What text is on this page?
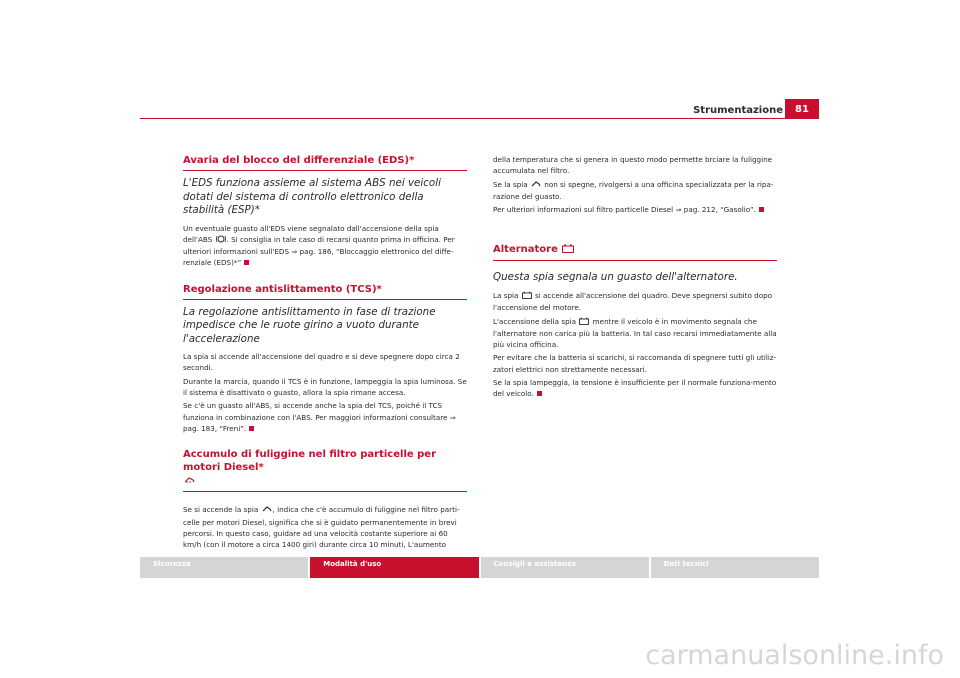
Strumentazione	81
Avaria del blocco del differenziale (EDS)*
L'EDS funziona assieme al sistema ABS nei veicoli dotati del sistema di controllo elettronico della stabilità (ESP)*
Un eventuale guasto all'EDS viene segnalato dall'accensione della spia dell'ABS . Si consiglia in tale caso di recarsi quanto prima in officina. Per ulteriori informazioni sull'EDS ⇒ pag. 186, “Bloccaggio elettronico del diffe-renziale (EDS)*”
Regolazione antislittamento (TCS)*
La regolazione antislittamento in fase di trazione impedisce che le ruote girino a vuoto durante l'accelerazione
La spia si accende all'accensione del quadro e si deve spegnere dopo circa 2 secondi.
Durante la marcia, quando il TCS è in funzione, lampeggia la spia luminosa. Se il sistema è disattivato o guasto, allora la spia rimane accesa.
Se c'è un guasto all'ABS, si accende anche la spia del TCS, poiché il TCS funziona in combinazione con l'ABS. Per maggiori informazioni consultare ⇒ pag. 183, “Freni”.
Accumulo di fuliggine nel filtro particelle per motori Diesel*

Se si accende la spia , indica che c'è accumulo di fuliggine nel filtro parti-celle per motori Diesel, significa che si è guidato permanentemente in brevi percorsi. In questo caso, guidare ad una velocità costante superiore ai 60 km/h (con il motore a circa 1400 giri) durante circa 10 minuti, L'aumento
della temperatura che si genera in questo modo permette brciare la fuliggine accumulata nel filtro.
Se la spia non si spegne, rivolgersi a una officina specializzata per la ripa-razione del guasto.
Per ulteriori informazioni sul filtro particelle Diesel ⇒ pag. 212, “Gasolio”.
Alternatore
Questa spia segnala un guasto dell'alternatore.
La spia si accende all'accensione del quadro. Deve spegnersi subito dopo l'accensione del motore.
L'accensione della spia mentre il veicolo è in movimento segnala che l'alternatore non carica più la batteria. In tal caso recarsi immediatamente alla più vicina officina.
Per evitare che la batteria si scarichi, si raccomanda di spegnere tutti gli utiliz-zatori elettrici non strettamente necessari.
Se la spia lampeggia, la tensione è insufficiente per il normale funziona-mento del veicolo.
Sicurezza	Modalità d'uso	Consigli e assistenza	Dati tecnici
carmanualsonline.info
